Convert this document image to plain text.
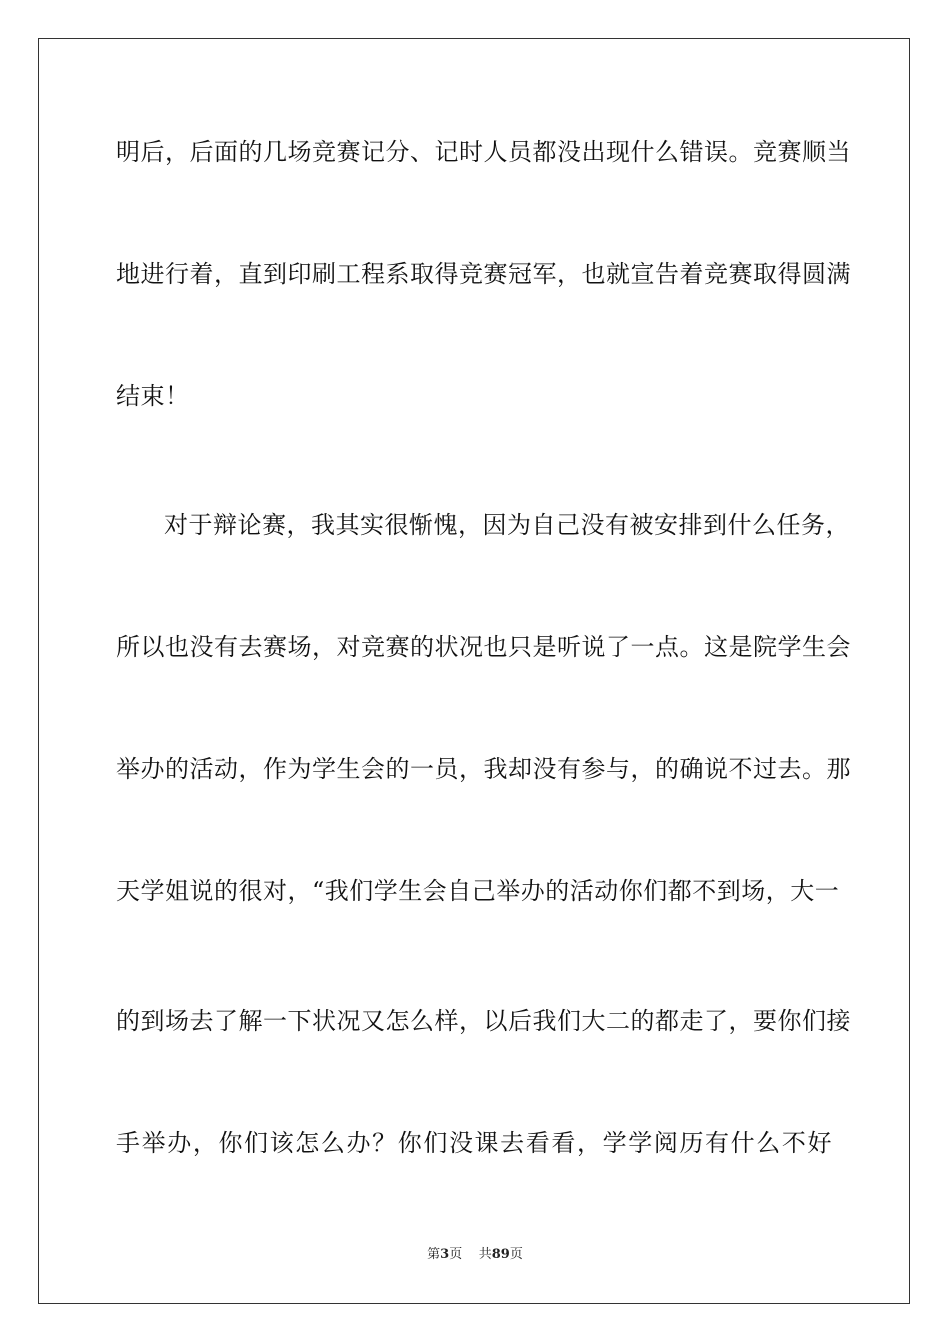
明后，后面的几场竞赛记分、记时人员都没出现什么错误。竞赛顺当
地进行着，直到印刷工程系取得竞赛冠军，也就宣告着竞赛取得圆满
结束！
对于辩论赛，我其实很惭愧，因为自己没有被安排到什么任务，
所以也没有去赛场，对竞赛的状况也只是听说了一点。这是院学生会
举办的活动，作为学生会的一员，我却没有参与，的确说不过去。那
天学姐说的很对，“我们学生会自己举办的活动你们都不到场，大一
的到场去了解一下状况又怎么样，以后我们大二的都走了，要你们接
手举办，你们该怎么办？你们没课去看看，学学阅历有什么不好
第3页 共89页
